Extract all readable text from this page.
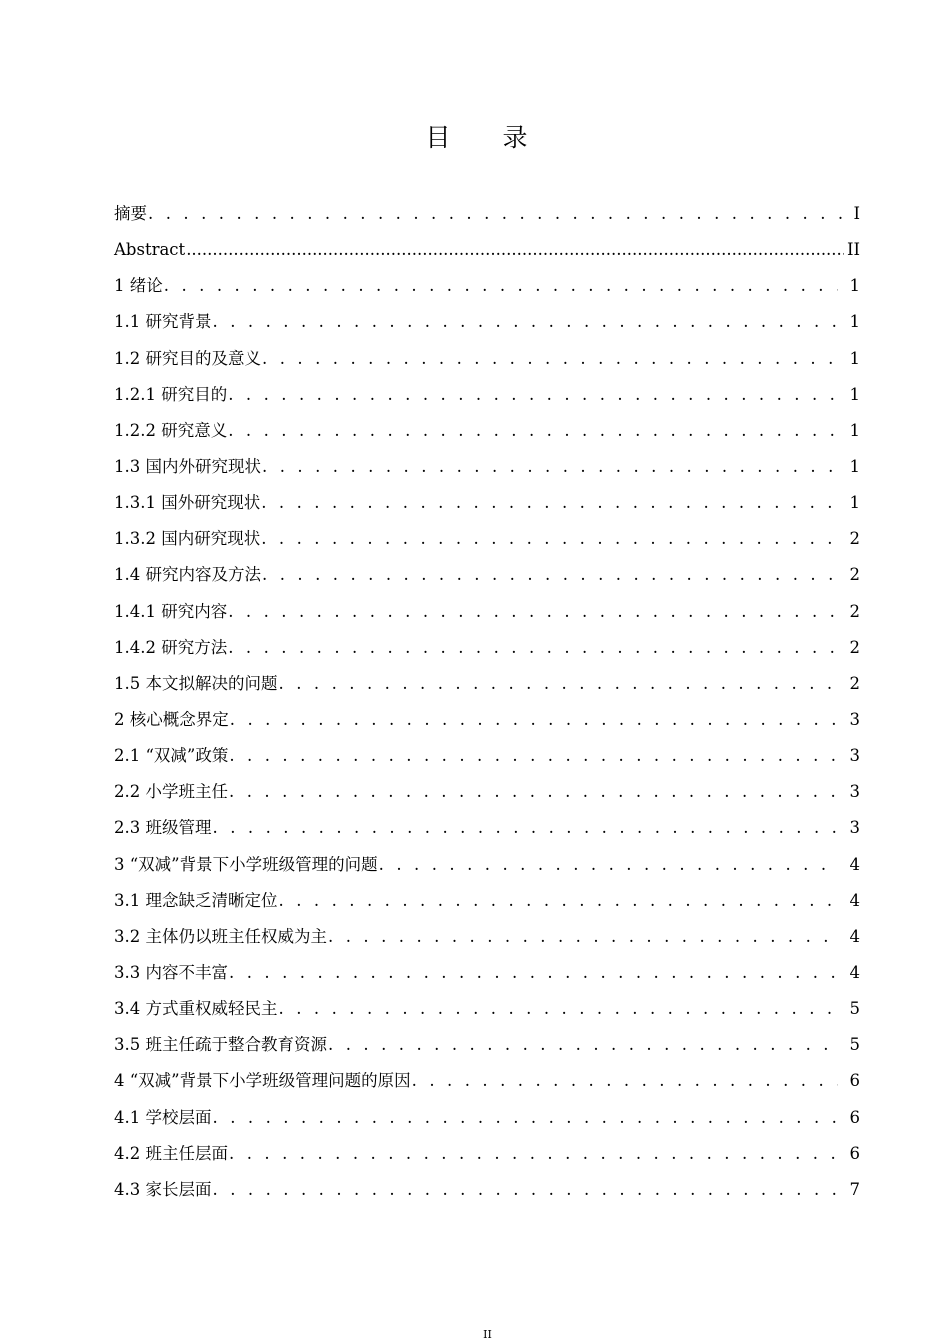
目 录
摘要 . . .	I
Abstract .....	II
1 绪论 . . .	1
1.1 研究背景 . . .	1
1.2 研究目的及意义 . . .	1
1.2.1 研究目的 . . .	1
1.2.2 研究意义 . . .	1
1.3 国内外研究现状 . . .	1
1.3.1 国外研究现状 . . .	1
1.3.2 国内研究现状 . . .	2
1.4 研究内容及方法 . . .	2
1.4.1 研究内容 . . .	2
1.4.2 研究方法 . . .	2
1.5 本文拟解决的问题 . . .	2
2 核心概念界定 . . .	3
2.1 “双减”政策 . . .	3
2.2 小学班主任 . . .	3
2.3 班级管理 . . .	3
3 “双减”背景下小学班级管理的问题 . . .	4
3.1 理念缺乏清晰定位 . . .	4
3.2 主体仍以班主任权威为主 . . .	4
3.3 内容不丰富 . . .	4
3.4 方式重权威轻民主 . . .	5
3.5 班主任疏于整合教育资源 . . .	5
4 “双减”背景下小学班级管理问题的原因 . . .	6
4.1 学校层面 . . .	6
4.2 班主任层面 . . .	6
4.3 家长层面 . . .	7
II
